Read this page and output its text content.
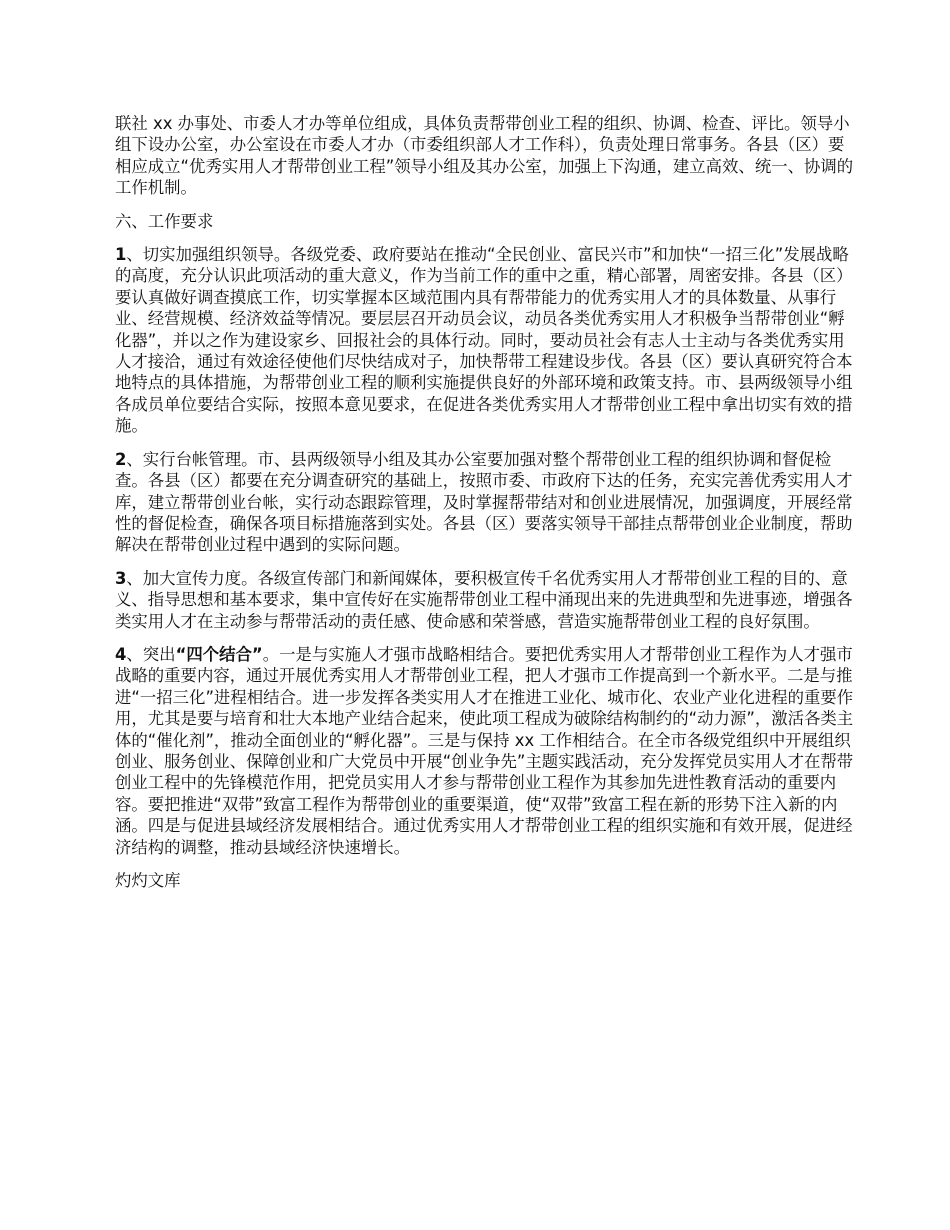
联社 xx 办事处、市委人才办等单位组成，具体负责帮带创业工程的组织、协调、检查、评比。领导小组下设办公室，办公室设在市委人才办（市委组织部人才工作科），负责处理日常事务。各县（区）要相应成立“优秀实用人才帮带创业工程”领导小组及其办公室，加强上下沟通，建立高效、统一、协调的工作机制。

六、工作要求

1、切实加强组织领导。各级党委、政府要站在推动“全民创业、富民兴市”和加快“一招三化”发展战略的高度，充分认识此项活动的重大意义，作为当前工作的重中之重，精心部署，周密安排。各县（区）要认真做好调查摸底工作，切实掌握本区域范围内具有帮带能力的优秀实用人才的具体数量、从事行业、经营规模、经济效益等情况。要层层召开动员会议，动员各类优秀实用人才积极争当帮带创业“孵化器”，并以之作为建设家乡、回报社会的具体行动。同时，要动员社会有志人士主动与各类优秀实用人才接洽，通过有效途径使他们尽快结成对子，加快帮带工程建设步伐。各县（区）要认真研究符合本地特点的具体措施，为帮带创业工程的顺利实施提供良好的外部环境和政策支持。市、县两级领导小组各成员单位要结合实际，按照本意见要求，在促进各类优秀实用人才帮带创业工程中拿出切实有效的措施。

2、实行台帐管理。市、县两级领导小组及其办公室要加强对整个帮带创业工程的组织协调和督促检查。各县（区）都要在充分调查研究的基础上，按照市委、市政府下达的任务，充实完善优秀实用人才库，建立帮带创业台帐，实行动态跟踪管理，及时掌握帮带结对和创业进展情况，加强调度，开展经常性的督促检查，确保各项目标措施落到实处。各县（区）要落实领导干部挂点帮带创业企业制度，帮助解决在帮带创业过程中遇到的实际问题。

3、加大宣传力度。各级宣传部门和新闻媒体，要积极宣传千名优秀实用人才帮带创业工程的目的、意义、指导思想和基本要求，集中宣传好在实施帮带创业工程中涌现出来的先进典型和先进事迹，增强各类实用人才在主动参与帮带活动的责任感、使命感和荣誉感，营造实施帮带创业工程的良好氛围。

4、突出“四个结合”。一是与实施人才强市战略相结合。要把优秀实用人才帮带创业工程作为人才强市战略的重要内容，通过开展优秀实用人才帮带创业工程，把人才强市工作提高到一个新水平。二是与推进“一招三化”进程相结合。进一步发挥各类实用人才在推进工业化、城市化、农业产业化进程的重要作用，尤其是要与培育和壮大本地产业结合起来，使此项工程成为破除结构制约的“动力源”，激活各类主体的“催化剂”，推动全面创业的“孵化器”。三是与保持 xx 工作相结合。在全市各级党组织中开展组织创业、服务创业、保障创业和广大党员中开展“创业争先”主题实践活动，充分发挥党员实用人才在帮带创业工程中的先锋模范作用，把党员实用人才参与帮带创业工程作为其参加先进性教育活动的重要内容。要把推进“双带”致富工程作为帮带创业的重要渠道，使“双带”致富工程在新的形势下注入新的内涵。四是与促进县域经济发展相结合。通过优秀实用人才帮带创业工程的组织实施和有效开展，促进经济结构的调整，推动县域经济快速增长。

灼灼文库
